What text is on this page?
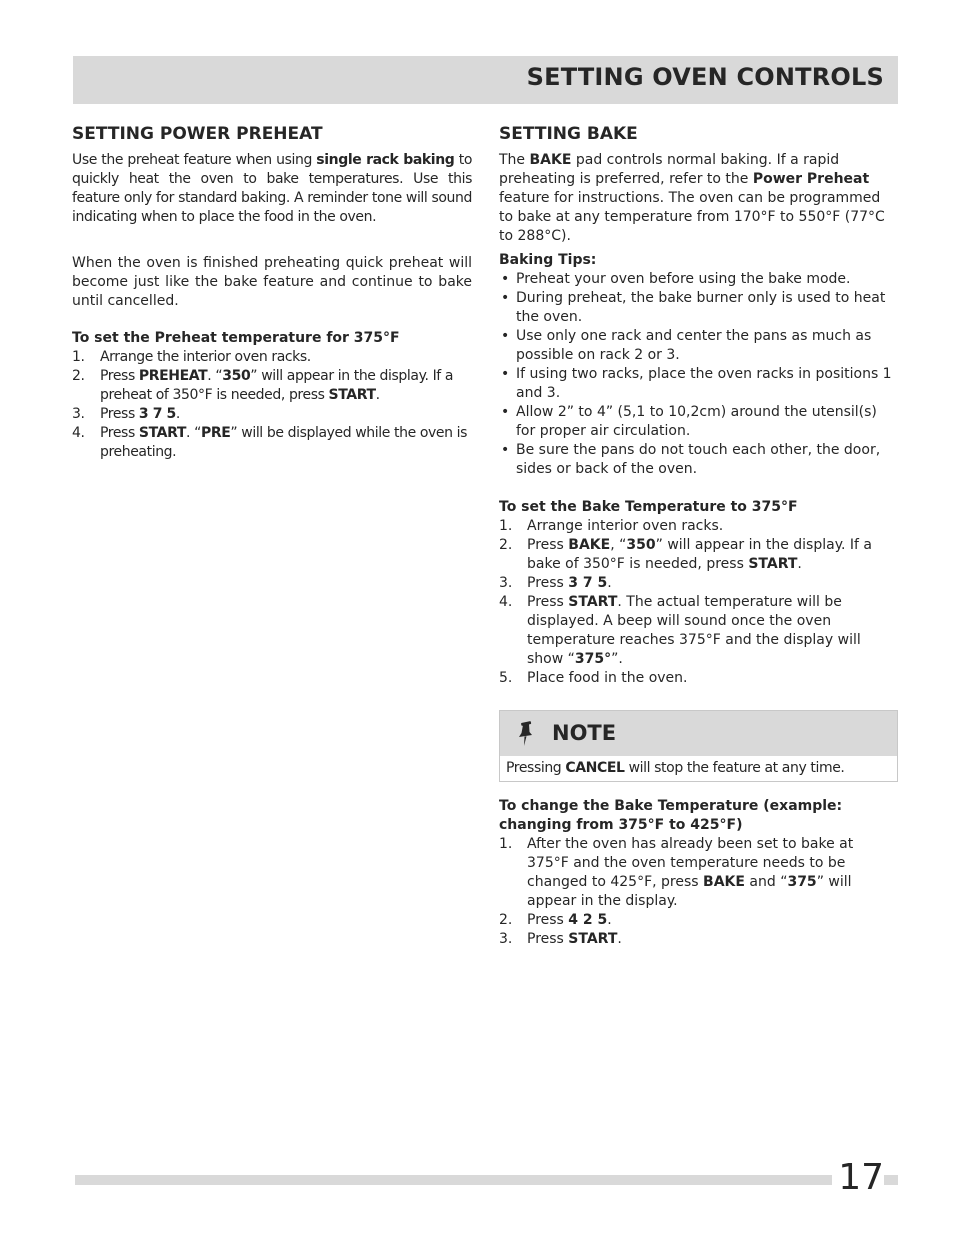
SETTING OVEN CONTROLS
SETTING POWER PREHEAT

Use the preheat feature when using single rack baking to quickly heat the oven to bake temperatures. Use this feature only for standard baking. A reminder tone will sound indicating when to place the food in the oven.

When the oven is finished preheating quick preheat will become just like the bake feature and continue to bake until cancelled.

To set the Preheat temperature for 375°F

1. Arrange the interior oven racks.
2. Press PREHEAT. “350” will appear in the display. If a preheat of 350°F is needed, press START.
3. Press 3 7 5.
4. Press START. “PRE” will be displayed while the oven is preheating.
SETTING BAKE

The BAKE pad controls normal baking. If a rapid preheating is preferred, refer to the Power Preheat feature for instructions. The oven can be programmed to bake at any temperature from 170°F to 550°F (77°C to 288°C).

Baking Tips:

• Preheat your oven before using the bake mode.
• During preheat, the bake burner only is used to heat the oven.
• Use only one rack and center the pans as much as possible on rack 2 or 3.
• If using two racks, place the oven racks in positions 1 and 3.
• Allow 2” to 4” (5,1 to 10,2cm) around the utensil(s) for proper air circulation.
• Be sure the pans do not touch each other, the door, sides or back of the oven.

To set the Bake Temperature to 375°F

1. Arrange interior oven racks.
2. Press BAKE, “350” will appear in the display. If a bake of 350°F is needed, press START.
3. Press 3 7 5.
4. Press START. The actual temperature will be displayed. A beep will sound once the oven temperature reaches 375°F and the display will show “375°”.
5. Place food in the oven.
NOTE
Pressing CANCEL will stop the feature at any time.

To change the Bake Temperature (example: changing from 375°F to 425°F)

1. After the oven has already been set to bake at 375°F and the oven temperature needs to be changed to 425°F, press BAKE and “375” will appear in the display.
2. Press 4 2 5.
3. Press START.
17
